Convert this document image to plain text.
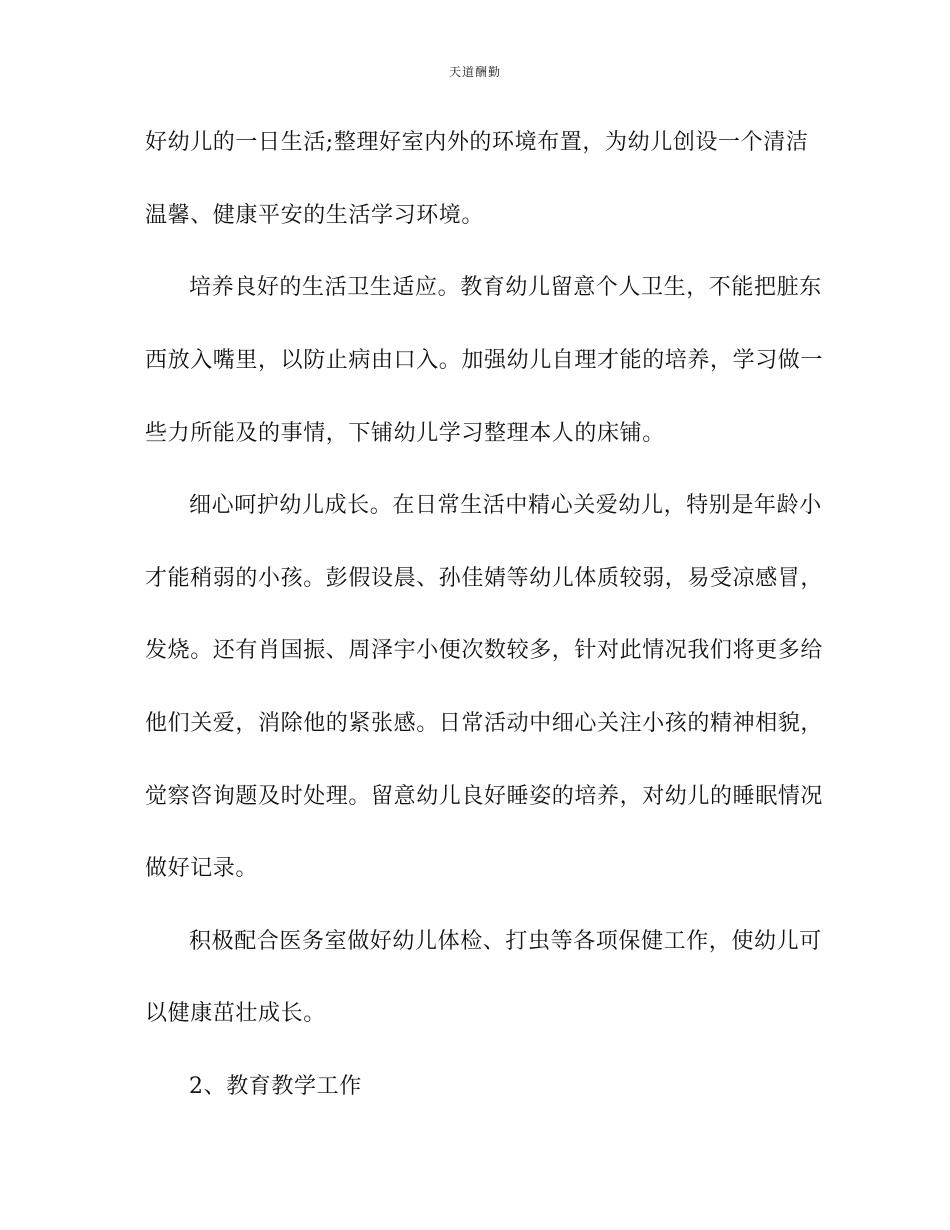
天道酬勤
好幼儿的一日生活;整理好室内外的环境布置，为幼儿创设一个清洁
温馨、健康平安的生活学习环境。
培养良好的生活卫生适应。教育幼儿留意个人卫生，不能把脏东
西放入嘴里，以防止病由口入。加强幼儿自理才能的培养，学习做一
些力所能及的事情，下铺幼儿学习整理本人的床铺。
细心呵护幼儿成长。在日常生活中精心关爱幼儿，特别是年龄小
才能稍弱的小孩。彭假设晨、孙佳婧等幼儿体质较弱，易受凉感冒，
发烧。还有肖国振、周泽宇小便次数较多，针对此情况我们将更多给
他们关爱，消除他的紧张感。日常活动中细心关注小孩的精神相貌，
觉察咨询题及时处理。留意幼儿良好睡姿的培养，对幼儿的睡眠情况
做好记录。
积极配合医务室做好幼儿体检、打虫等各项保健工作，使幼儿可
以健康茁壮成长。
2、教育教学工作
